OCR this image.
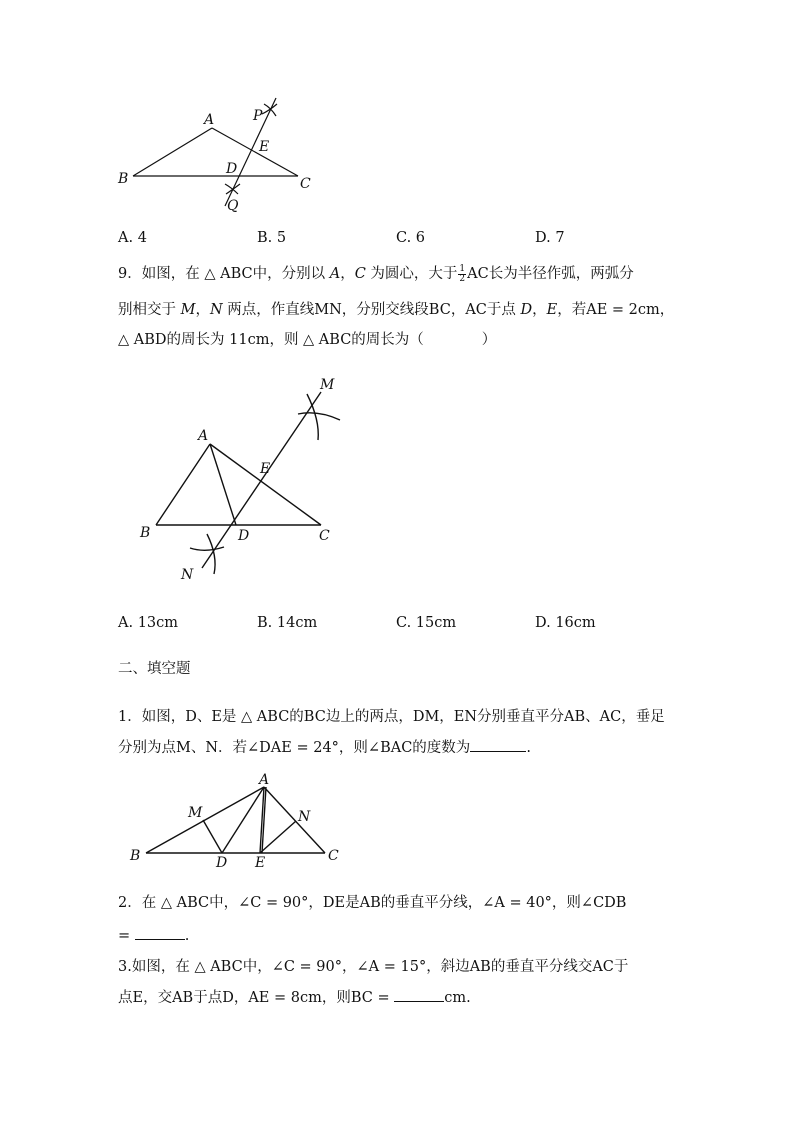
A
B	C
D
E
P
Q
A. 4	B. 5	C. 6	D. 7
9．如图，在 △ ABC中，分别以 A，C 为圆心，大于 $\frac{1}{2}$ AC长为半径作弧，两弧分
别相交于 M，N 两点，作直线MN，分别交线段BC，AC于点 D，E，若AE = 2cm，
△ ABD的周长为 11cm，则 △ ABC的周长为（　　　　）
A
B	C
D
E
M
N
A. 13cm	B. 14cm	C. 15cm	D. 16cm
二、填空题
1．如图，D、E是 △ ABC的BC边上的两点，DM，EN分别垂直平分AB、AC，垂足
分别为点M、N．若∠DAE = 24°，则∠BAC的度数为	.
A
B	C
D E
M	N
2．在 △ ABC中，∠C = 90°，DE是AB的垂直平分线，∠A = 40°，则∠CDB
=	.
3.如图，在 △ ABC中，∠C = 90°，∠A = 15°，斜边AB的垂直平分线交AC于
点E，交AB于点D，AE = 8cm，则BC =	cm.
